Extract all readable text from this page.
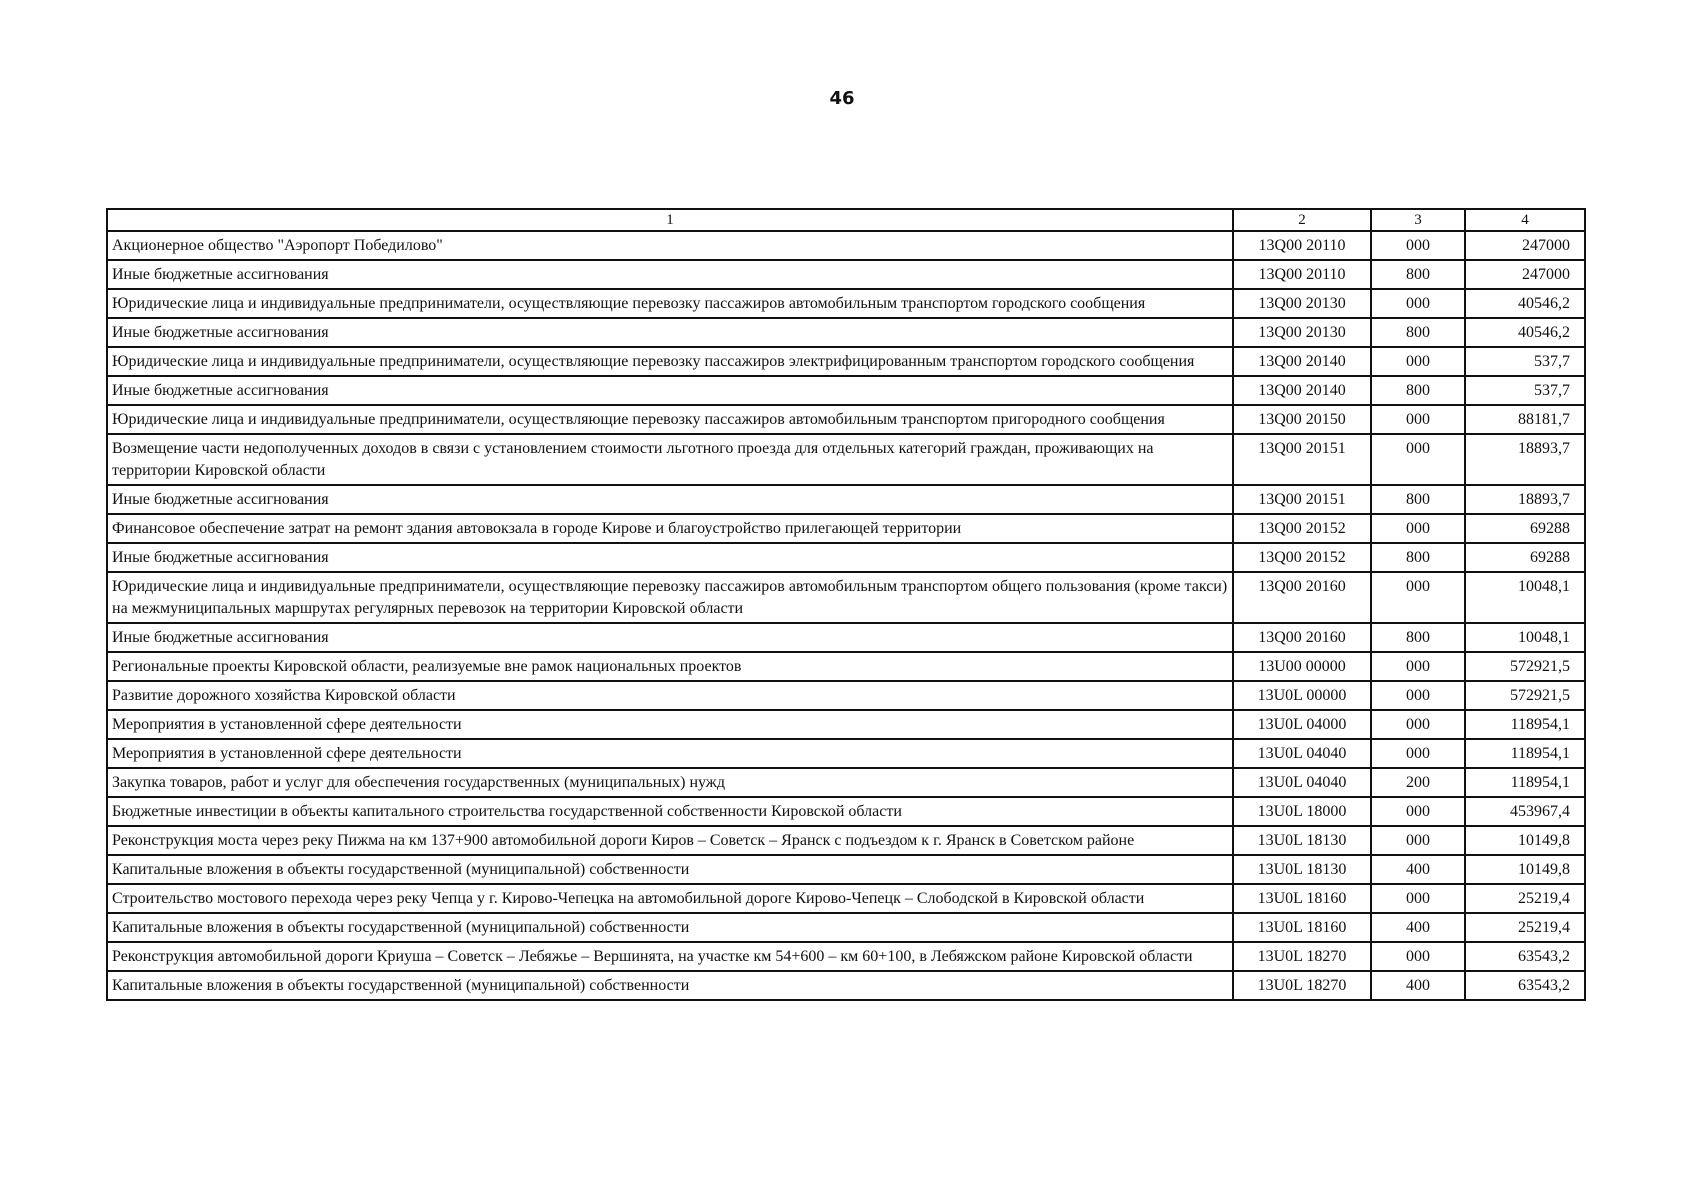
46
1	2	3	4
Акционерное общество "Аэропорт Победилово"	13Q00 20110	000	247000
Иные бюджетные ассигнования	13Q00 20110	800	247000
Юридические лица и индивидуальные предприниматели, осуществляющие перевозку пассажиров автомобильным транспортом городского сообщения	13Q00 20130	000	40546,2
Иные бюджетные ассигнования	13Q00 20130	800	40546,2
Юридические лица и индивидуальные предприниматели, осуществляющие перевозку пассажиров электрифицированным транспортом городского сообщения	13Q00 20140	000	537,7
Иные бюджетные ассигнования	13Q00 20140	800	537,7
Юридические лица и индивидуальные предприниматели, осуществляющие перевозку пассажиров автомобильным транспортом пригородного сообщения	13Q00 20150	000	88181,7
Возмещение части недополученных доходов в связи с установлением стоимости льготного проезда для отдельных категорий граждан, проживающих на территории Кировской области	13Q00 20151	000	18893,7
Иные бюджетные ассигнования	13Q00 20151	800	18893,7
Финансовое обеспечение затрат на ремонт здания автовокзала в городе Кирове и благоустройство прилегающей территории	13Q00 20152	000	69288
Иные бюджетные ассигнования	13Q00 20152	800	69288
Юридические лица и индивидуальные предприниматели, осуществляющие перевозку пассажиров автомобильным транспортом общего пользования (кроме такси) на межмуниципальных маршрутах регулярных перевозок на территории Кировской области	13Q00 20160	000	10048,1
Иные бюджетные ассигнования	13Q00 20160	800	10048,1
Региональные проекты Кировской области, реализуемые вне рамок национальных проектов	13U00 00000	000	572921,5
Развитие дорожного хозяйства Кировской области	13U0L 00000	000	572921,5
Мероприятия в установленной сфере деятельности	13U0L 04000	000	118954,1
Мероприятия в установленной сфере деятельности	13U0L 04040	000	118954,1
Закупка товаров, работ и услуг для обеспечения государственных (муниципальных) нужд	13U0L 04040	200	118954,1
Бюджетные инвестиции в объекты капитального строительства государственной собственности Кировской области	13U0L 18000	000	453967,4
Реконструкция моста через реку Пижма на км 137+900 автомобильной дороги Киров – Советск – Яранск с подъездом к г. Яранск в Советском районе	13U0L 18130	000	10149,8
Капитальные вложения в объекты государственной (муниципальной) собственности	13U0L 18130	400	10149,8
Строительство мостового перехода через реку Чепца у г. Кирово-Чепецка на автомобильной дороге Кирово-Чепецк – Слободской в Кировской области	13U0L 18160	000	25219,4
Капитальные вложения в объекты государственной (муниципальной) собственности	13U0L 18160	400	25219,4
Реконструкция автомобильной дороги Криуша – Советск – Лебяжье – Вершинята, на участке км 54+600 – км 60+100, в Лебяжском районе Кировской области	13U0L 18270	000	63543,2
Капитальные вложения в объекты государственной (муниципальной) собственности	13U0L 18270	400	63543,2
